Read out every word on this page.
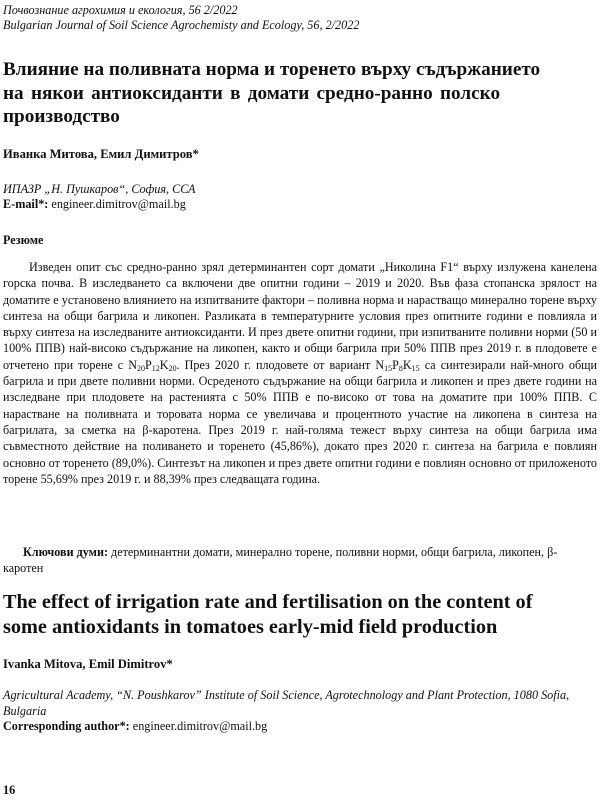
Почвознание агрохимия и екология, 56 2/2022
Bulgarian Journal of Soil Science Agrochemisty and Ecology, 56, 2/2022
Влияние на поливната норма и торенето върху съдържанието
на някои антиоксиданти в домати средно-ранно полско
производство
Иванка Митова, Емил Димитров*
ИПАЗР „Н. Пушкаров“, София, ССА
E-mail*: engineer.dimitrov@mail.bg
Резюме

Изведен опит със средно-ранно зрял детерминантен сорт домати „Николина F1“ върху излужена канелена горска почва. В изследването са включени две опитни години – 2019 и 2020. Във фаза стопанска зрялост на доматите е установено влиянието на изпитваните фактори – поливна норма и нарастващо минерално торене върху синтеза на общи багрила и ликопен. Разликата в температурните условия през опитните години е повлияла и върху синтеза на изследваните антиоксиданти. И през двете опитни години, при изпитваните поливни норми (50 и 100% ППВ) най-високо съдържание на ликопен, както и общи багрила при 50% ППВ през 2019 г. в плодовете е отчетено при торене с $N_{20}P_{12}K_{20}$. През 2020 г. плодовете от вариант $N_{15}P_8K_{15}$ са синтезирали най-много общи багрила и при двете поливни норми. Осреденото съдържание на общи багрила и ликопен и през двете години на изследване при плодовете на растенията с 50% ППВ е по-високо от това на доматите при 100% ППВ. С нарастване на поливната и торовата норма се увеличава и процентното участие на ликопена в синтеза на багрилата, за сметка на β-каротена. През 2019 г. най-голяма тежест върху синтеза на общи багрила има съвместното действие на поливането и торенето (45,86%), докато през 2020 г. синтеза на багрила е повлиян основно от торенето (89,0%). Синтезът на ликопен и през двете опитни години е повлиян основно от приложеното торене 55,69% през 2019 г. и 88,39% през следващата година.

Ключови думи: детерминантни домати, минерално торене, поливни норми, общи багрила, ликопен, β-каротен

The effect of irrigation rate and fertilisation on the content of
some antioxidants in tomatoes early-mid field production
Ivanka Mitova, Emil Dimitrov*
Agricultural Academy, “N. Poushkarov” Institute of Soil Science, Agrotechnology and Plant Protection, 1080 Sofia, Bulgaria
Corresponding author*: engineer.dimitrov@mail.bg
16
